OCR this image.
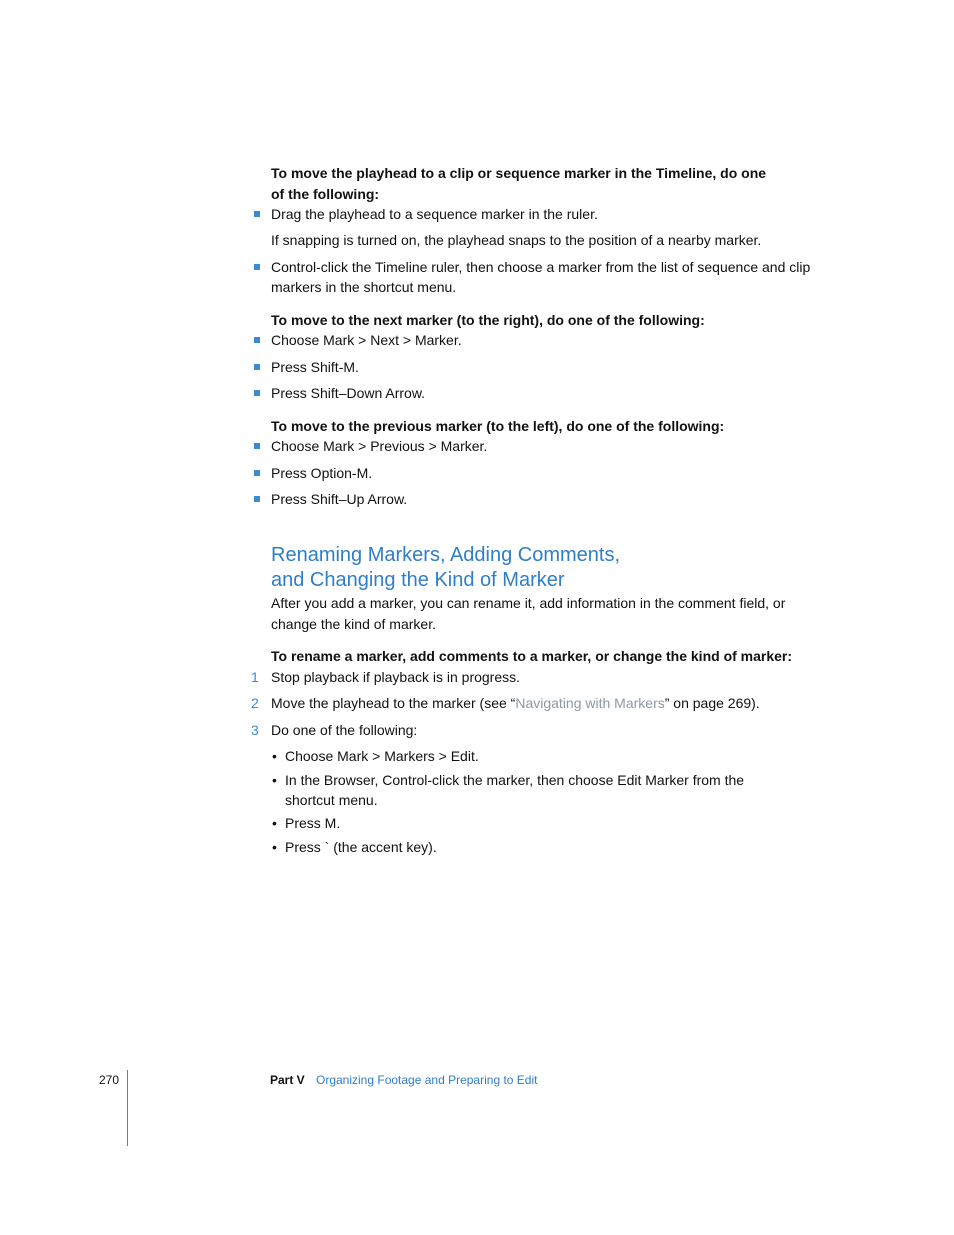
To move the playhead to a clip or sequence marker in the Timeline, do one
of the following:
Drag the playhead to a sequence marker in the ruler.
If snapping is turned on, the playhead snaps to the position of a nearby marker.
Control-click the Timeline ruler, then choose a marker from the list of sequence and clip
markers in the shortcut menu.
To move to the next marker (to the right), do one of the following:
Choose Mark > Next > Marker.
Press Shift-M.
Press Shift–Down Arrow.
To move to the previous marker (to the left), do one of the following:
Choose Mark > Previous > Marker.
Press Option-M.
Press Shift–Up Arrow.
Renaming Markers, Adding Comments,
and Changing the Kind of Marker
After you add a marker, you can rename it, add information in the comment field, or
change the kind of marker.
To rename a marker, add comments to a marker, or change the kind of marker:
1 Stop playback if playback is in progress.
2 Move the playhead to the marker (see “Navigating with Markers” on page 269).
3 Do one of the following:
• Choose Mark > Markers > Edit.
• In the Browser, Control-click the marker, then choose Edit Marker from the
shortcut menu.
• Press M.
• Press ` (the accent key).
270	Part V Organizing Footage and Preparing to Edit
